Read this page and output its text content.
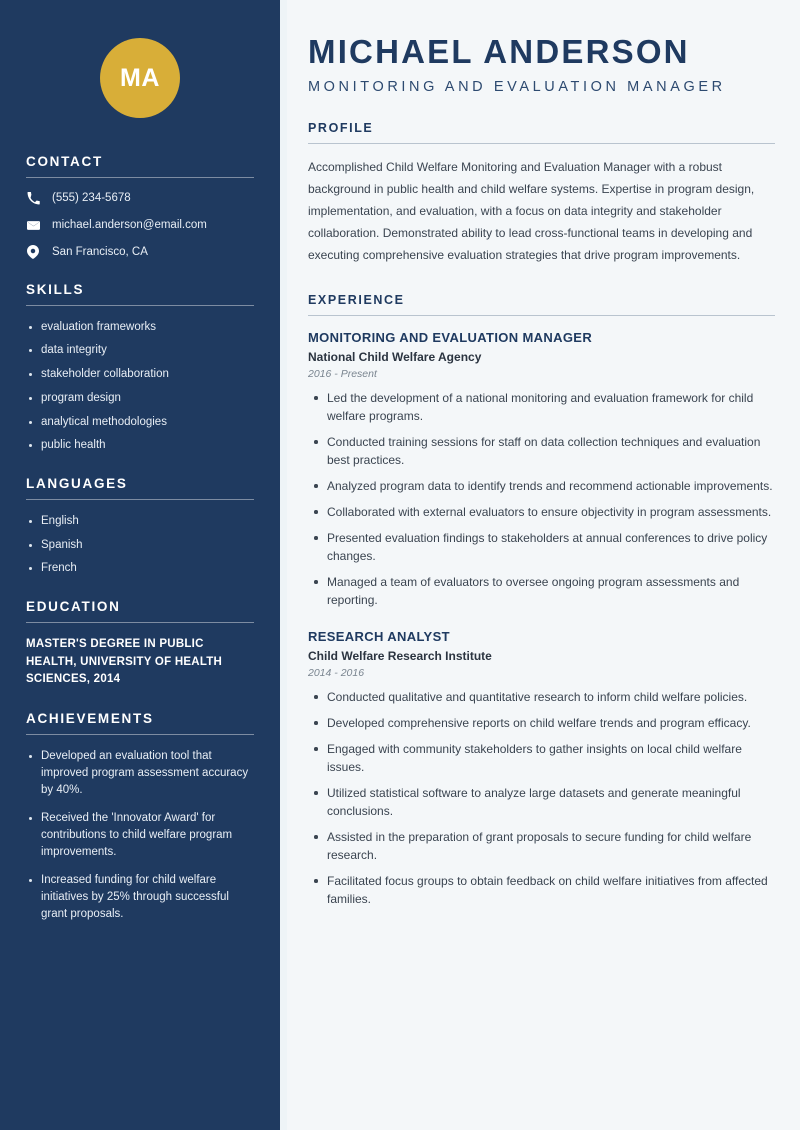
MA
CONTACT
(555) 234-5678
michael.anderson@email.com
San Francisco, CA
SKILLS
evaluation frameworks
data integrity
stakeholder collaboration
program design
analytical methodologies
public health
LANGUAGES
English
Spanish
French
EDUCATION
MASTER'S DEGREE IN PUBLIC HEALTH, UNIVERSITY OF HEALTH SCIENCES, 2014
ACHIEVEMENTS
Developed an evaluation tool that improved program assessment accuracy by 40%.
Received the 'Innovator Award' for contributions to child welfare program improvements.
Increased funding for child welfare initiatives by 25% through successful grant proposals.
MICHAEL ANDERSON
MONITORING AND EVALUATION MANAGER
PROFILE

Accomplished Child Welfare Monitoring and Evaluation Manager with a robust background in public health and child welfare systems. Expertise in program design, implementation, and evaluation, with a focus on data integrity and stakeholder collaboration. Demonstrated ability to lead cross-functional teams in developing and executing comprehensive evaluation strategies that drive program improvements.

EXPERIENCE
MONITORING AND EVALUATION MANAGER
National Child Welfare Agency
2016 - Present
Led the development of a national monitoring and evaluation framework for child welfare programs.
Conducted training sessions for staff on data collection techniques and evaluation best practices.
Analyzed program data to identify trends and recommend actionable improvements.
Collaborated with external evaluators to ensure objectivity in program assessments.
Presented evaluation findings to stakeholders at annual conferences to drive policy changes.
Managed a team of evaluators to oversee ongoing program assessments and reporting.
RESEARCH ANALYST
Child Welfare Research Institute
2014 - 2016
Conducted qualitative and quantitative research to inform child welfare policies.
Developed comprehensive reports on child welfare trends and program efficacy.
Engaged with community stakeholders to gather insights on local child welfare issues.
Utilized statistical software to analyze large datasets and generate meaningful conclusions.
Assisted in the preparation of grant proposals to secure funding for child welfare research.
Facilitated focus groups to obtain feedback on child welfare initiatives from affected families.
